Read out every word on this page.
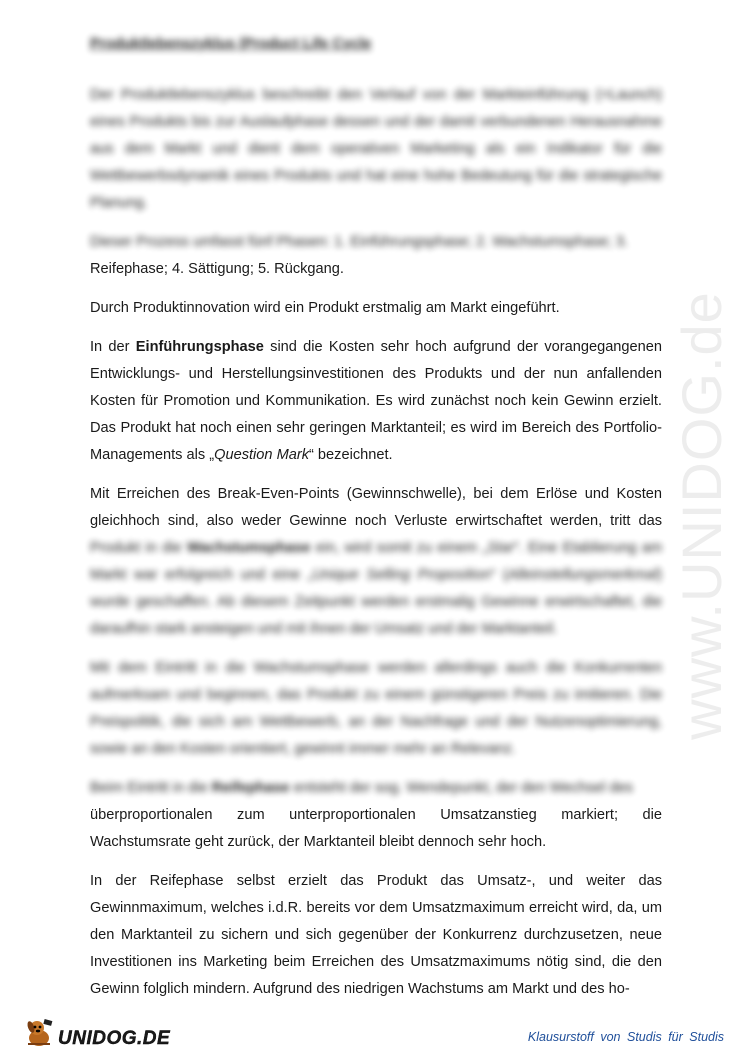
Produktlebenszyklus (Product Life Cycle

Der Produktlebenszyklus beschreibt den Verlauf von der Markteinführung (=Launch) eines Produkts bis zur Auslaufphase dessen und der damit verbundenen Herausnahme aus dem Markt und dient dem operativen Marketing als ein Indikator für die Wettbewerbsdynamik eines Produkts und hat eine hohe Bedeutung für die strategische Planung.

Dieser Prozess umfasst fünf Phasen: 1. Einführungsphase; 2. Wachstumsphase; 3.
Reifephase; 4. Sättigung; 5. Rückgang.

Durch Produktinnovation wird ein Produkt erstmalig am Markt eingeführt.

In der Einführungsphase sind die Kosten sehr hoch aufgrund der vorangegangenen Entwicklungs- und Herstellungsinvestitionen des Produkts und der nun anfallenden Kosten für Promotion und Kommunikation. Es wird zunächst noch kein Gewinn erzielt. Das Produkt hat noch einen sehr geringen Marktanteil; es wird im Bereich des Portfolio-Managements als „Question Mark“ bezeichnet.

Mit Erreichen des Break-Even-Points (Gewinnschwelle), bei dem Erlöse und Kosten gleichhoch sind, also weder Gewinne noch Verluste erwirtschaftet werden, tritt das Produkt in die Wachstumsphase ein, wird somit zu einem „Star“. Eine Etablierung am Markt war erfolgreich und eine „Unique Selling Proposition“ (Alleinstellungsmerkmal) wurde geschaffen. Ab diesem Zeitpunkt werden erstmalig Gewinne erwirtschaftet, die daraufhin stark ansteigen und mit ihnen der Umsatz und der Marktanteil.

Mit dem Eintritt in die Wachstumsphase werden allerdings auch die Konkurrenten aufmerksam und beginnen, das Produkt zu einem günstigeren Preis zu imitieren. Die Preispolitik, die sich am Wettbewerb, an der Nachfrage und der Nutzenoptimierung, sowie an den Kosten orientiert, gewinnt immer mehr an Relevanz.

Beim Eintritt in die Reifephase entsteht der sog. Wendepunkt, der den Wechsel des
überproportionalen zum unterproportionalen Umsatzanstieg markiert; die Wachstumsrate geht zurück, der Marktanteil bleibt dennoch sehr hoch.

In der Reifephase selbst erzielt das Produkt das Umsatz-, und weiter das Gewinnmaximum, welches i.d.R. bereits vor dem Umsatzmaximum erreicht wird, da, um den Marktanteil zu sichern und sich gegenüber der Konkurrenz durchzusetzen, neue Investitionen ins Marketing beim Erreichen des Umsatzmaximums nötig sind, die den Gewinn folglich mindern. Aufgrund des niedrigen Wachstums am Markt und des ho-

www.UNIDOG.de
UNIDOG.DE	Klausurstoff von Studis für Studis
